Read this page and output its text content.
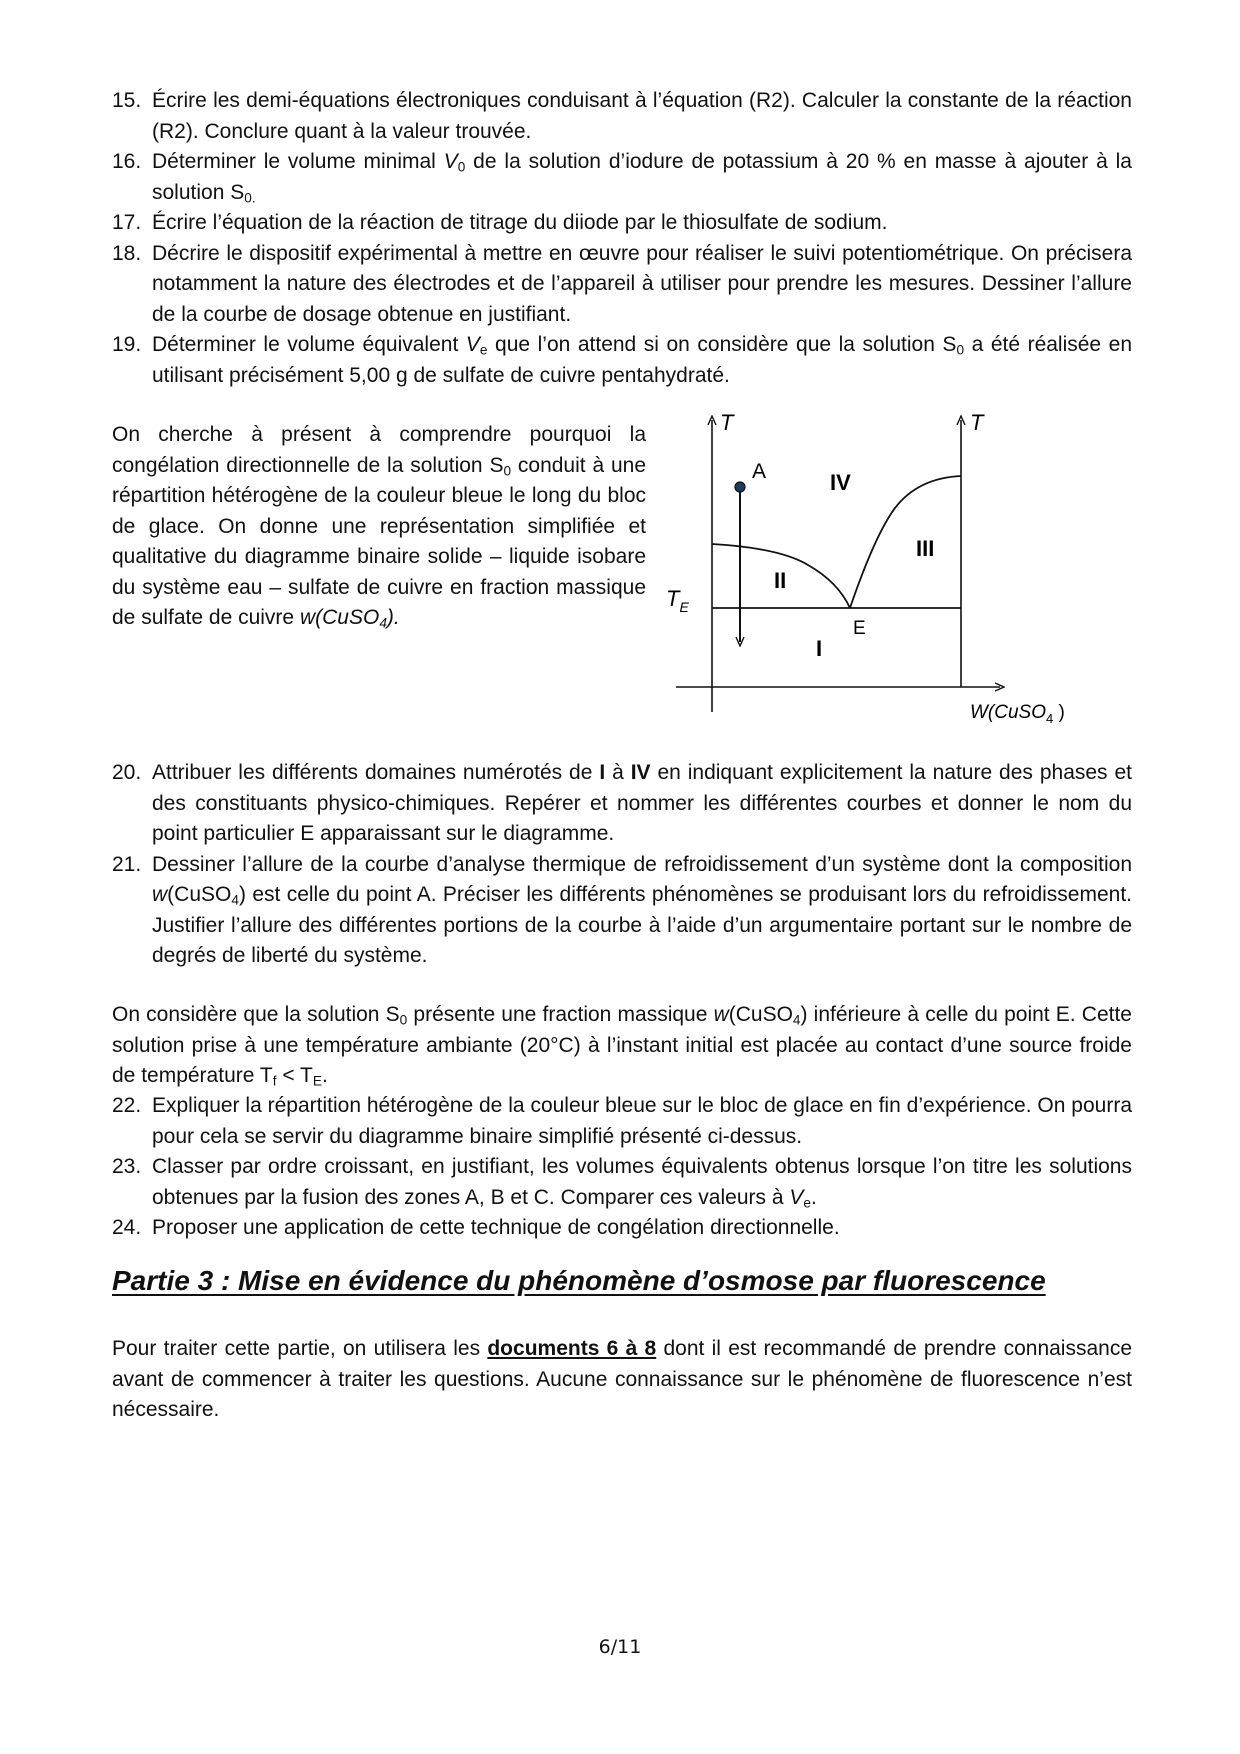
15. Écrire les demi-équations électroniques conduisant à l’équation (R2). Calculer la constante de la réaction (R2). Conclure quant à la valeur trouvée.
16. Déterminer le volume minimal $V_0$ de la solution d’iodure de potassium à 20 % en masse à ajouter à la solution $S_{0.}$
17. Écrire l’équation de la réaction de titrage du diiode par le thiosulfate de sodium.
18. Décrire le dispositif expérimental à mettre en œuvre pour réaliser le suivi potentiométrique. On précisera notamment la nature des électrodes et de l’appareil à utiliser pour prendre les mesures. Dessiner l’allure de la courbe de dosage obtenue en justifiant.
19. Déterminer le volume équivalent $V_e$ que l’on attend si on considère que la solution $S_0$ a été réalisée en utilisant précisément 5,00 g de sulfate de cuivre pentahydraté.

On cherche à présent à comprendre pourquoi la congélation directionnelle de la solution $S_0$ conduit à une répartition hétérogène de la couleur bleue le long du bloc de glace. On donne une représentation simplifiée et qualitative du diagramme binaire solide – liquide isobare du système eau – sulfate de cuivre en fraction massique de sulfate de cuivre w(CuSO$_4$).

T	T
$T_E$
A
E
I
II
III
IV
W(CuSO$_4$ )
20. Attribuer les différents domaines numérotés de I à IV en indiquant explicitement la nature des phases et des constituants physico-chimiques. Repérer et nommer les différentes courbes et donner le nom du point particulier E apparaissant sur le diagramme.
21. Dessiner l’allure de la courbe d’analyse thermique de refroidissement d’un système dont la composition w(CuSO$_4$) est celle du point A. Préciser les différents phénomènes se produisant lors du refroidissement. Justifier l’allure des différentes portions de la courbe à l’aide d’un argumentaire portant sur le nombre de degrés de liberté du système.

On considère que la solution $S_0$ présente une fraction massique w(CuSO$_4$) inférieure à celle du point E. Cette solution prise à une température ambiante (20°C) à l’instant initial est placée au contact d’une source froide de température $T_f < T_E$.

22. Expliquer la répartition hétérogène de la couleur bleue sur le bloc de glace en fin d’expérience. On pourra pour cela se servir du diagramme binaire simplifié présenté ci-dessus.
23. Classer par ordre croissant, en justifiant, les volumes équivalents obtenus lorsque l’on titre les solutions obtenues par la fusion des zones A, B et C. Comparer ces valeurs à $V_e$.
24. Proposer une application de cette technique de congélation directionnelle.
Partie 3 : Mise en évidence du phénomène d’osmose par fluorescence

Pour traiter cette partie, on utilisera les documents 6 à 8 dont il est recommandé de prendre connaissance avant de commencer à traiter les questions. Aucune connaissance sur le phénomène de fluorescence n’est nécessaire.

6/11
